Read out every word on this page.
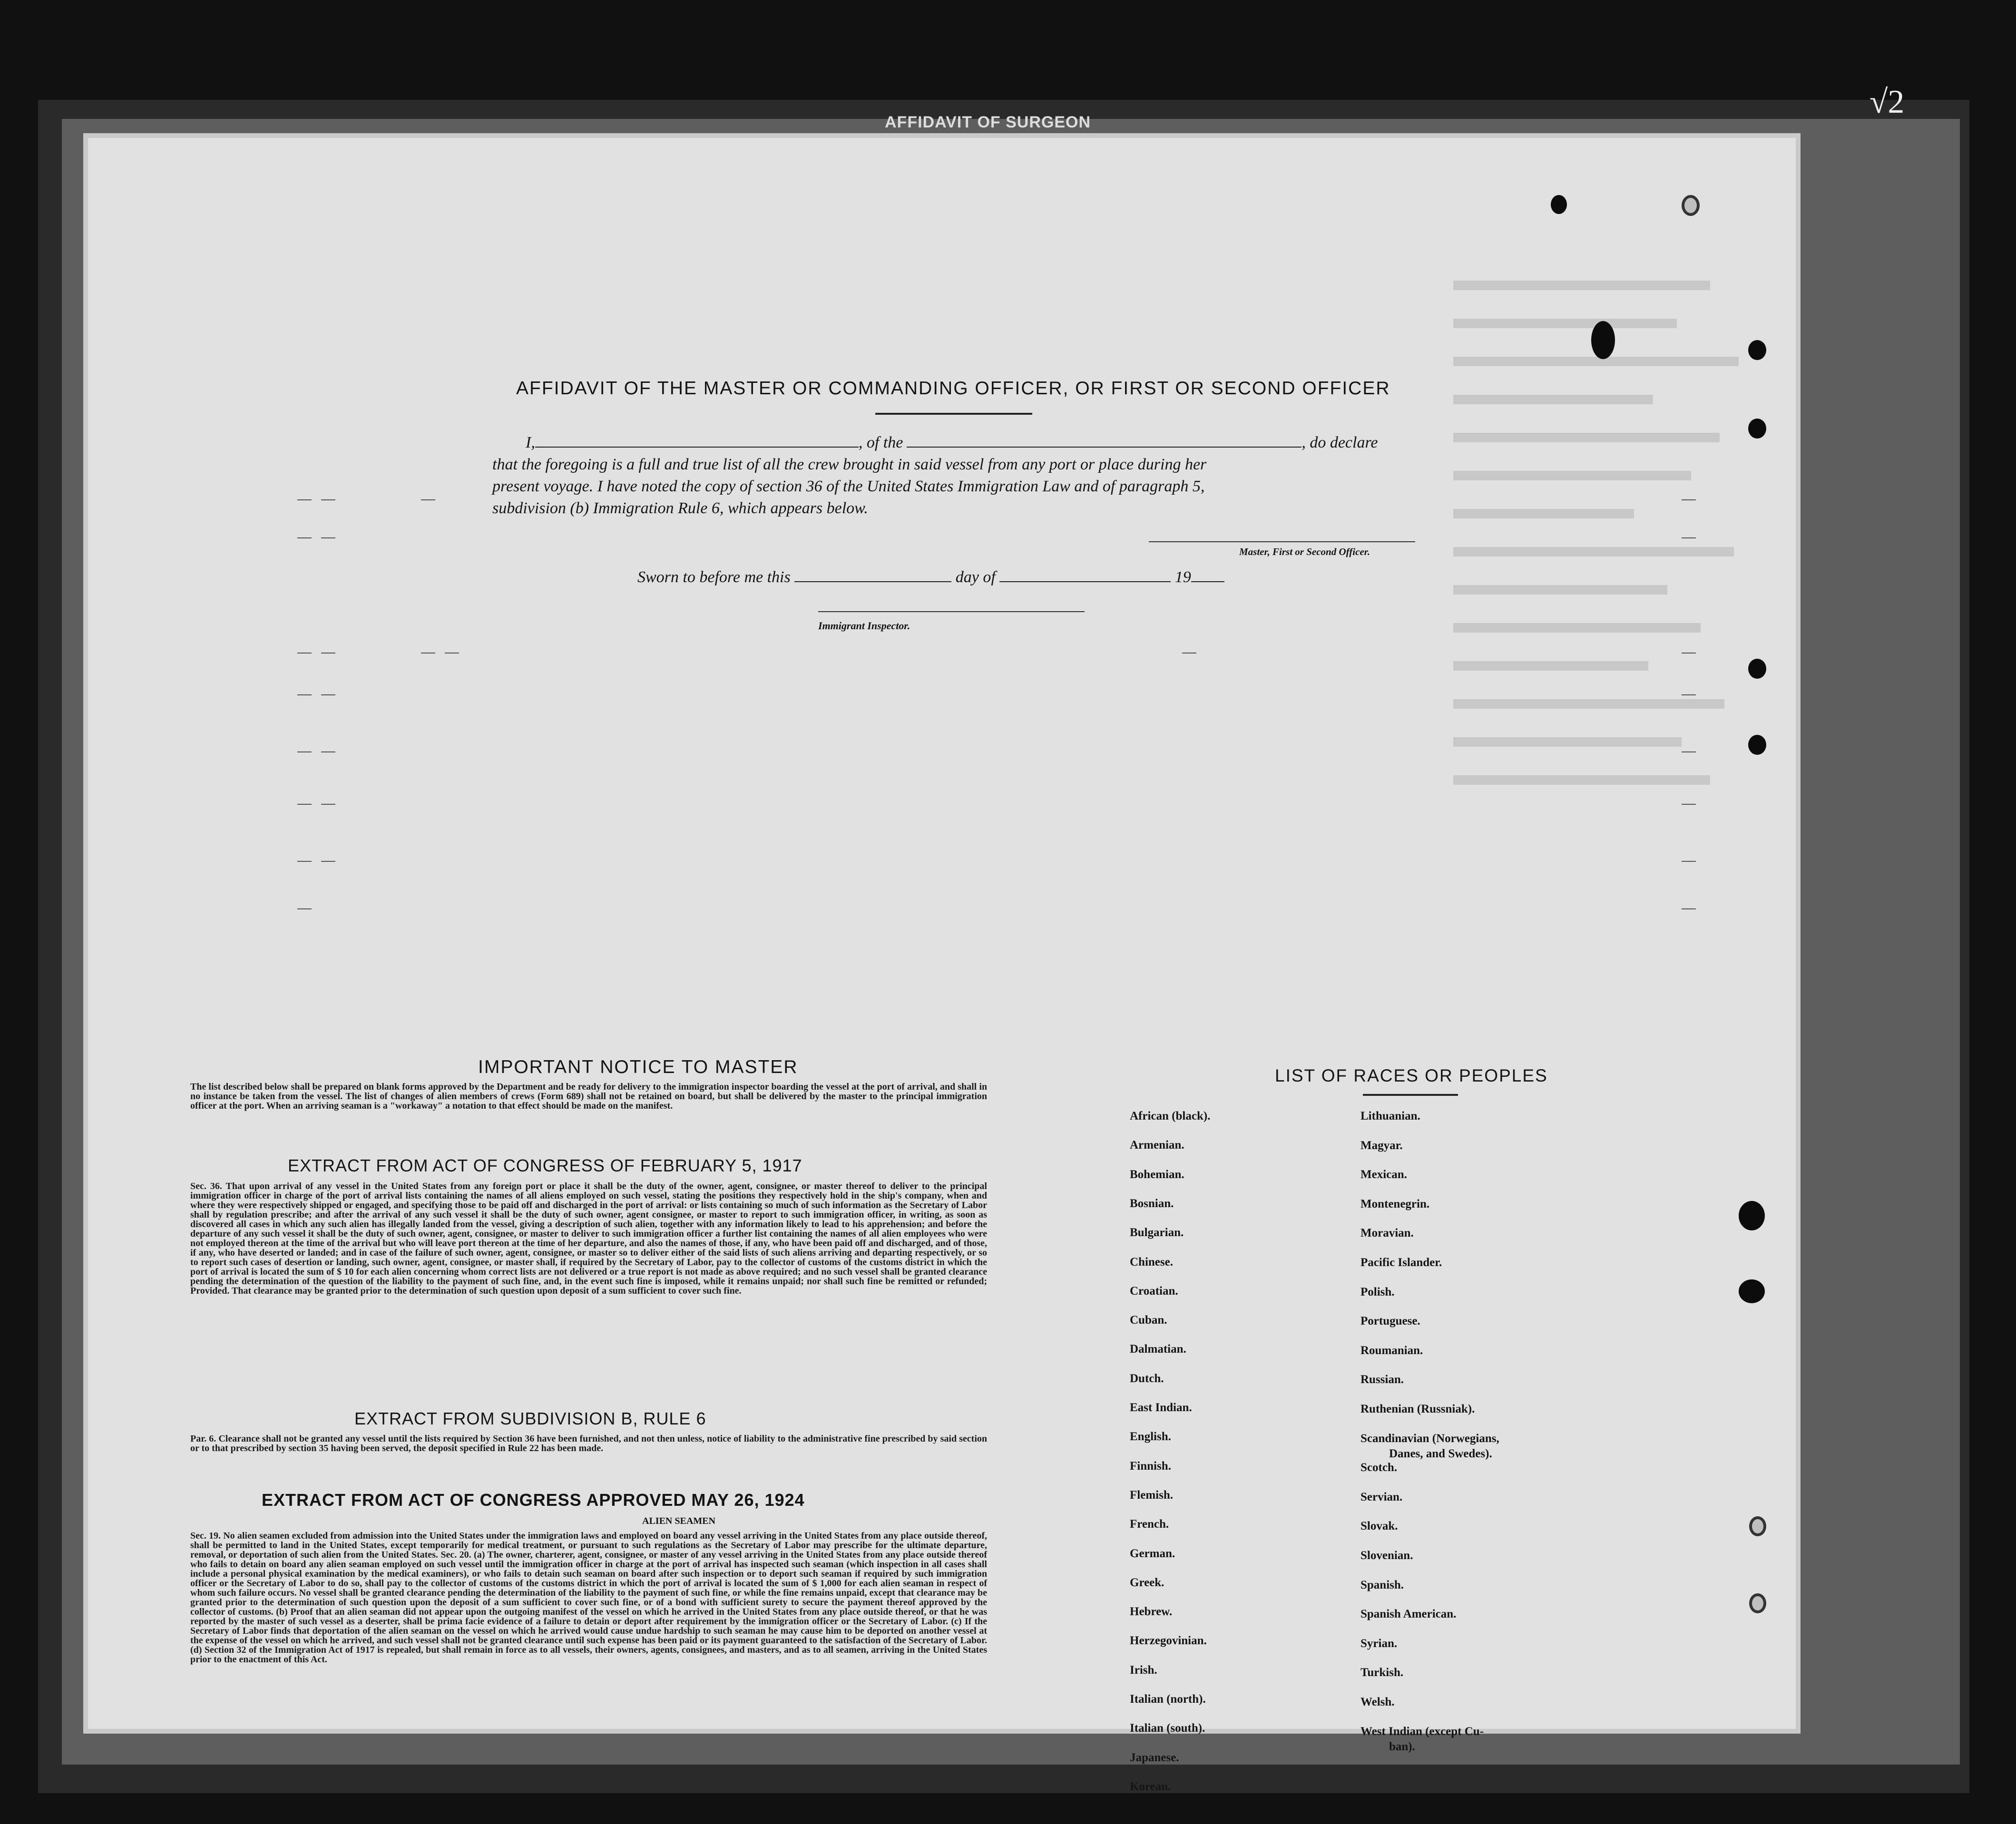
AFFIDAVIT OF SURGEON
√2
AFFIDAVIT OF THE MASTER OR COMMANDING OFFICER, OR FIRST OR SECOND OFFICER
I,	, of the	, do declare
that the foregoing is a full and true list of all the crew brought in said vessel from any port or place during her
present voyage. I have noted the copy of section 36 of the United States Immigration Law and of paragraph 5,
subdivision (b) Immigration Rule 6, which appears below.
Master, First or Second Officer.
Sworn to before me this	day of	19
Immigrant Inspector.
IMPORTANT NOTICE TO MASTER
The list described below shall be prepared on blank forms approved by the Department and be ready for delivery to the immigration inspector boarding the vessel at the port of arrival, and shall in no instance be taken from the vessel. The list of changes of alien members of crews (Form 689) shall not be retained on board, but shall be delivered by the master to the principal immigration officer at the port. When an arriving seaman is a "workaway" a notation to that effect should be made on the manifest.
EXTRACT FROM ACT OF CONGRESS OF FEBRUARY 5, 1917
Sec. 36. That upon arrival of any vessel in the United States from any foreign port or place it shall be the duty of the owner, agent, consignee, or master thereof to deliver to the principal immigration officer in charge of the port of arrival lists containing the names of all aliens employed on such vessel, stating the positions they respectively hold in the ship's company, when and where they were respectively shipped or engaged, and specifying those to be paid off and discharged in the port of arrival: or lists containing so much of such information as the Secretary of Labor shall by regulation prescribe; and after the arrival of any such vessel it shall be the duty of such owner, agent consignee, or master to report to such immigration officer, in writing, as soon as discovered all cases in which any such alien has illegally landed from the vessel, giving a description of such alien, together with any information likely to lead to his apprehension; and before the departure of any such vessel it shall be the duty of such owner, agent, consignee, or master to deliver to such immigration officer a further list containing the names of all alien employees who were not employed thereon at the time of the arrival but who will leave port thereon at the time of her departure, and also the names of those, if any, who have been paid off and discharged, and of those, if any, who have deserted or landed; and in case of the failure of such owner, agent, consignee, or master so to deliver either of the said lists of such aliens arriving and departing respectively, or so to report such cases of desertion or landing, such owner, agent, consignee, or master shall, if required by the Secretary of Labor, pay to the collector of customs of the customs district in which the port of arrival is located the sum of $ 10 for each alien concerning whom correct lists are not delivered or a true report is not made as above required; and no such vessel shall be granted clearance pending the determination of the question of the liability to the payment of such fine, and, in the event such fine is imposed, while it remains unpaid; nor shall such fine be remitted or refunded; Provided. That clearance may be granted prior to the determination of such question upon deposit of a sum sufficient to cover such fine.
EXTRACT FROM SUBDIVISION B, RULE 6
Par. 6. Clearance shall not be granted any vessel until the lists required by Section 36 have been furnished, and not then unless, notice of liability to the administrative fine prescribed by said section or to that prescribed by section 35 having been served, the deposit specified in Rule 22 has been made.
EXTRACT FROM ACT OF CONGRESS APPROVED MAY 26, 1924
ALIEN SEAMEN
Sec. 19. No alien seamen excluded from admission into the United States under the immigration laws and employed on board any vessel arriving in the United States from any place outside thereof, shall be permitted to land in the United States, except temporarily for medical treatment, or pursuant to such regulations as the Secretary of Labor may prescribe for the ultimate departure, removal, or deportation of such alien from the United States. Sec. 20. (a) The owner, charterer, agent, consignee, or master of any vessel arriving in the United States from any place outside thereof who fails to detain on board any alien seaman employed on such vessel until the immigration officer in charge at the port of arrival has inspected such seaman (which inspection in all cases shall include a personal physical examination by the medical examiners), or who fails to detain such seaman on board after such inspection or to deport such seaman if required by such immigration officer or the Secretary of Labor to do so, shall pay to the collector of customs of the customs district in which the port of arrival is located the sum of $ 1,000 for each alien seaman in respect of whom such failure occurs. No vessel shall be granted clearance pending the determination of the liability to the payment of such fine, or while the fine remains unpaid, except that clearance may be granted prior to the determination of such question upon the deposit of a sum sufficient to cover such fine, or of a bond with sufficient surety to secure the payment thereof approved by the collector of customs. (b) Proof that an alien seaman did not appear upon the outgoing manifest of the vessel on which he arrived in the United States from any place outside thereof, or that he was reported by the master of such vessel as a deserter, shall be prima facie evidence of a failure to detain or deport after requirement by the immigration officer or the Secretary of Labor. (c) If the Secretary of Labor finds that deportation of the alien seaman on the vessel on which he arrived would cause undue hardship to such seaman he may cause him to be deported on another vessel at the expense of the vessel on which he arrived, and such vessel shall not be granted clearance until such expense has been paid or its payment guaranteed to the satisfaction of the Secretary of Labor. (d) Section 32 of the Immigration Act of 1917 is repealed, but shall remain in force as to all vessels, their owners, agents, consignees, and masters, and as to all seamen, arriving in the United States prior to the enactment of this Act.
LIST OF RACES OR PEOPLES
African (black).
Armenian.
Bohemian.
Bosnian.
Bulgarian.
Chinese.
Croatian.
Cuban.
Dalmatian.
Dutch.
East Indian.
English.
Finnish.
Flemish.
French.
German.
Greek.
Hebrew.
Herzegovinian.
Irish.
Italian (north).
Italian (south).
Japanese.
Korean.
Lithuanian.
Magyar.
Mexican.
Montenegrin.
Moravian.
Pacific Islander.
Polish.
Portuguese.
Roumanian.
Russian.
Ruthenian (Russniak).
Scandinavian (Norwegians,
Danes, and Swedes).
Scotch.
Servian.
Slovak.
Slovenian.
Spanish.
Spanish American.
Syrian.
Turkish.
Welsh.
West Indian (except Cu-
ban).
